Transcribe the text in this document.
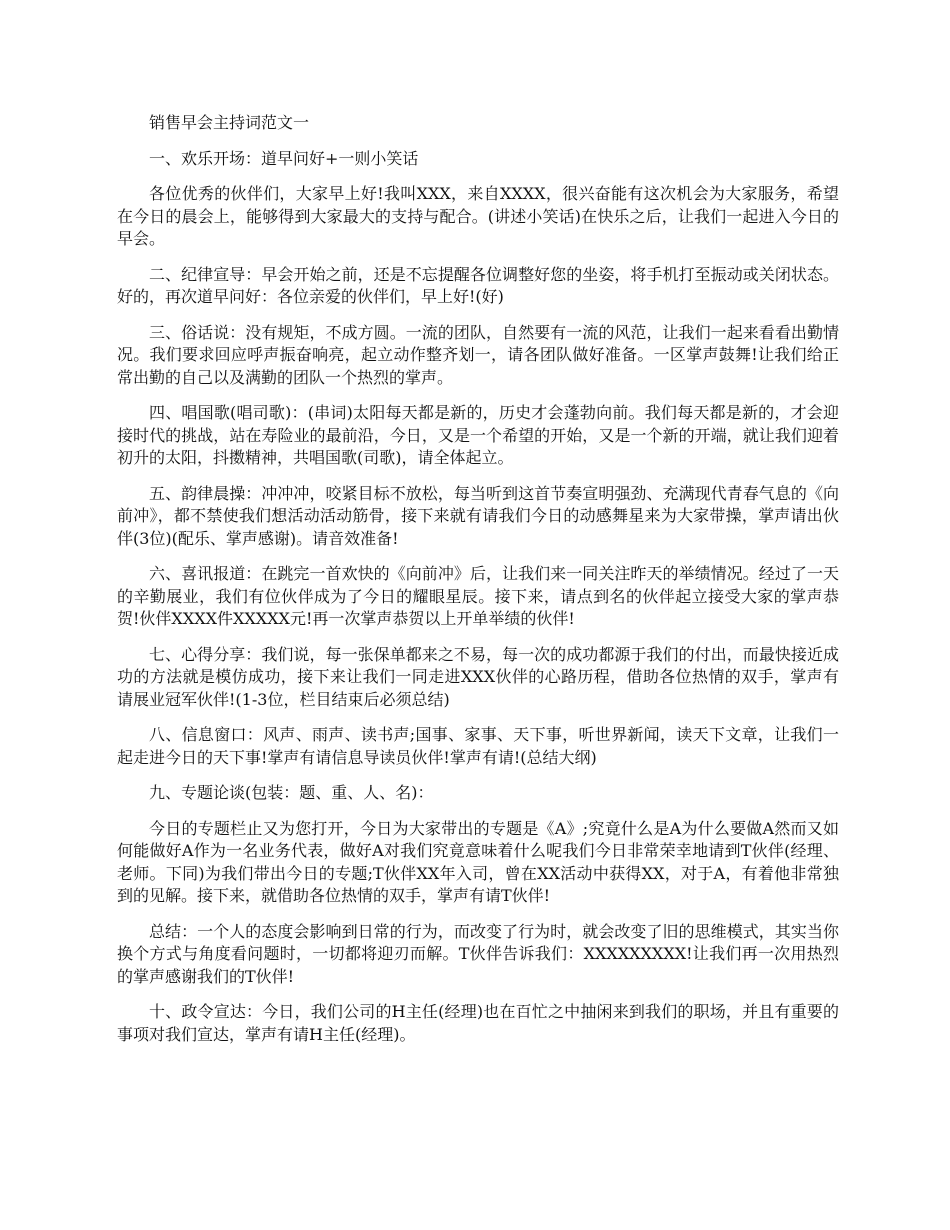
销售早会主持词范文一

一、欢乐开场：道早问好+一则小笑话

各位优秀的伙伴们，大家早上好!我叫XXX，来自XXXX，很兴奋能有这次机会为大家服务，希望在今日的晨会上，能够得到大家最大的支持与配合。(讲述小笑话)在快乐之后，让我们一起进入今日的早会。

二、纪律宣导：早会开始之前，还是不忘提醒各位调整好您的坐姿，将手机打至振动或关闭状态。好的，再次道早问好：各位亲爱的伙伴们，早上好!(好)

三、俗话说：没有规矩，不成方圆。一流的团队，自然要有一流的风范，让我们一起来看看出勤情况。我们要求回应呼声振奋响亮，起立动作整齐划一，请各团队做好准备。一区掌声鼓舞!让我们给正常出勤的自己以及满勤的团队一个热烈的掌声。

四、唱国歌(唱司歌)：(串词)太阳每天都是新的，历史才会蓬勃向前。我们每天都是新的，才会迎接时代的挑战，站在寿险业的最前沿，今日，又是一个希望的开始，又是一个新的开端，就让我们迎着初升的太阳，抖擞精神，共唱国歌(司歌)，请全体起立。

五、韵律晨操：冲冲冲，咬紧目标不放松，每当听到这首节奏宣明强劲、充满现代青春气息的《向前冲》，都不禁使我们想活动活动筋骨，接下来就有请我们今日的动感舞星来为大家带操，掌声请出伙伴(3位)(配乐、掌声感谢)。请音效准备!

六、喜讯报道：在跳完一首欢快的《向前冲》后，让我们来一同关注昨天的举绩情况。经过了一天的辛勤展业，我们有位伙伴成为了今日的耀眼星辰。接下来，请点到名的伙伴起立接受大家的掌声恭贺!伙伴XXXX件XXXXX元!再一次掌声恭贺以上开单举绩的伙伴!

七、心得分享：我们说，每一张保单都来之不易，每一次的成功都源于我们的付出，而最快接近成功的方法就是模仿成功，接下来让我们一同走进XXX伙伴的心路历程，借助各位热情的双手，掌声有请展业冠军伙伴!(1-3位，栏目结束后必须总结)

八、信息窗口：风声、雨声、读书声;国事、家事、天下事，听世界新闻，读天下文章，让我们一起走进今日的天下事!掌声有请信息导读员伙伴!掌声有请!(总结大纲)

九、专题论谈(包装：题、重、人、名)：

今日的专题栏止又为您打开，今日为大家带出的专题是《A》;究竟什么是A为什么要做A然而又如何能做好A作为一名业务代表，做好A对我们究竟意味着什么呢我们今日非常荣幸地请到T伙伴(经理、老师。下同)为我们带出今日的专题;T伙伴XX年入司，曾在XX活动中获得XX，对于A，有着他非常独到的见解。接下来，就借助各位热情的双手，掌声有请T伙伴!

总结：一个人的态度会影响到日常的行为，而改变了行为时，就会改变了旧的思维模式，其实当你换个方式与角度看问题时，一切都将迎刃而解。T伙伴告诉我们：XXXXXXXXX!让我们再一次用热烈的掌声感谢我们的T伙伴!

十、政令宣达：今日，我们公司的H主任(经理)也在百忙之中抽闲来到我们的职场，并且有重要的事项对我们宣达，掌声有请H主任(经理)。
